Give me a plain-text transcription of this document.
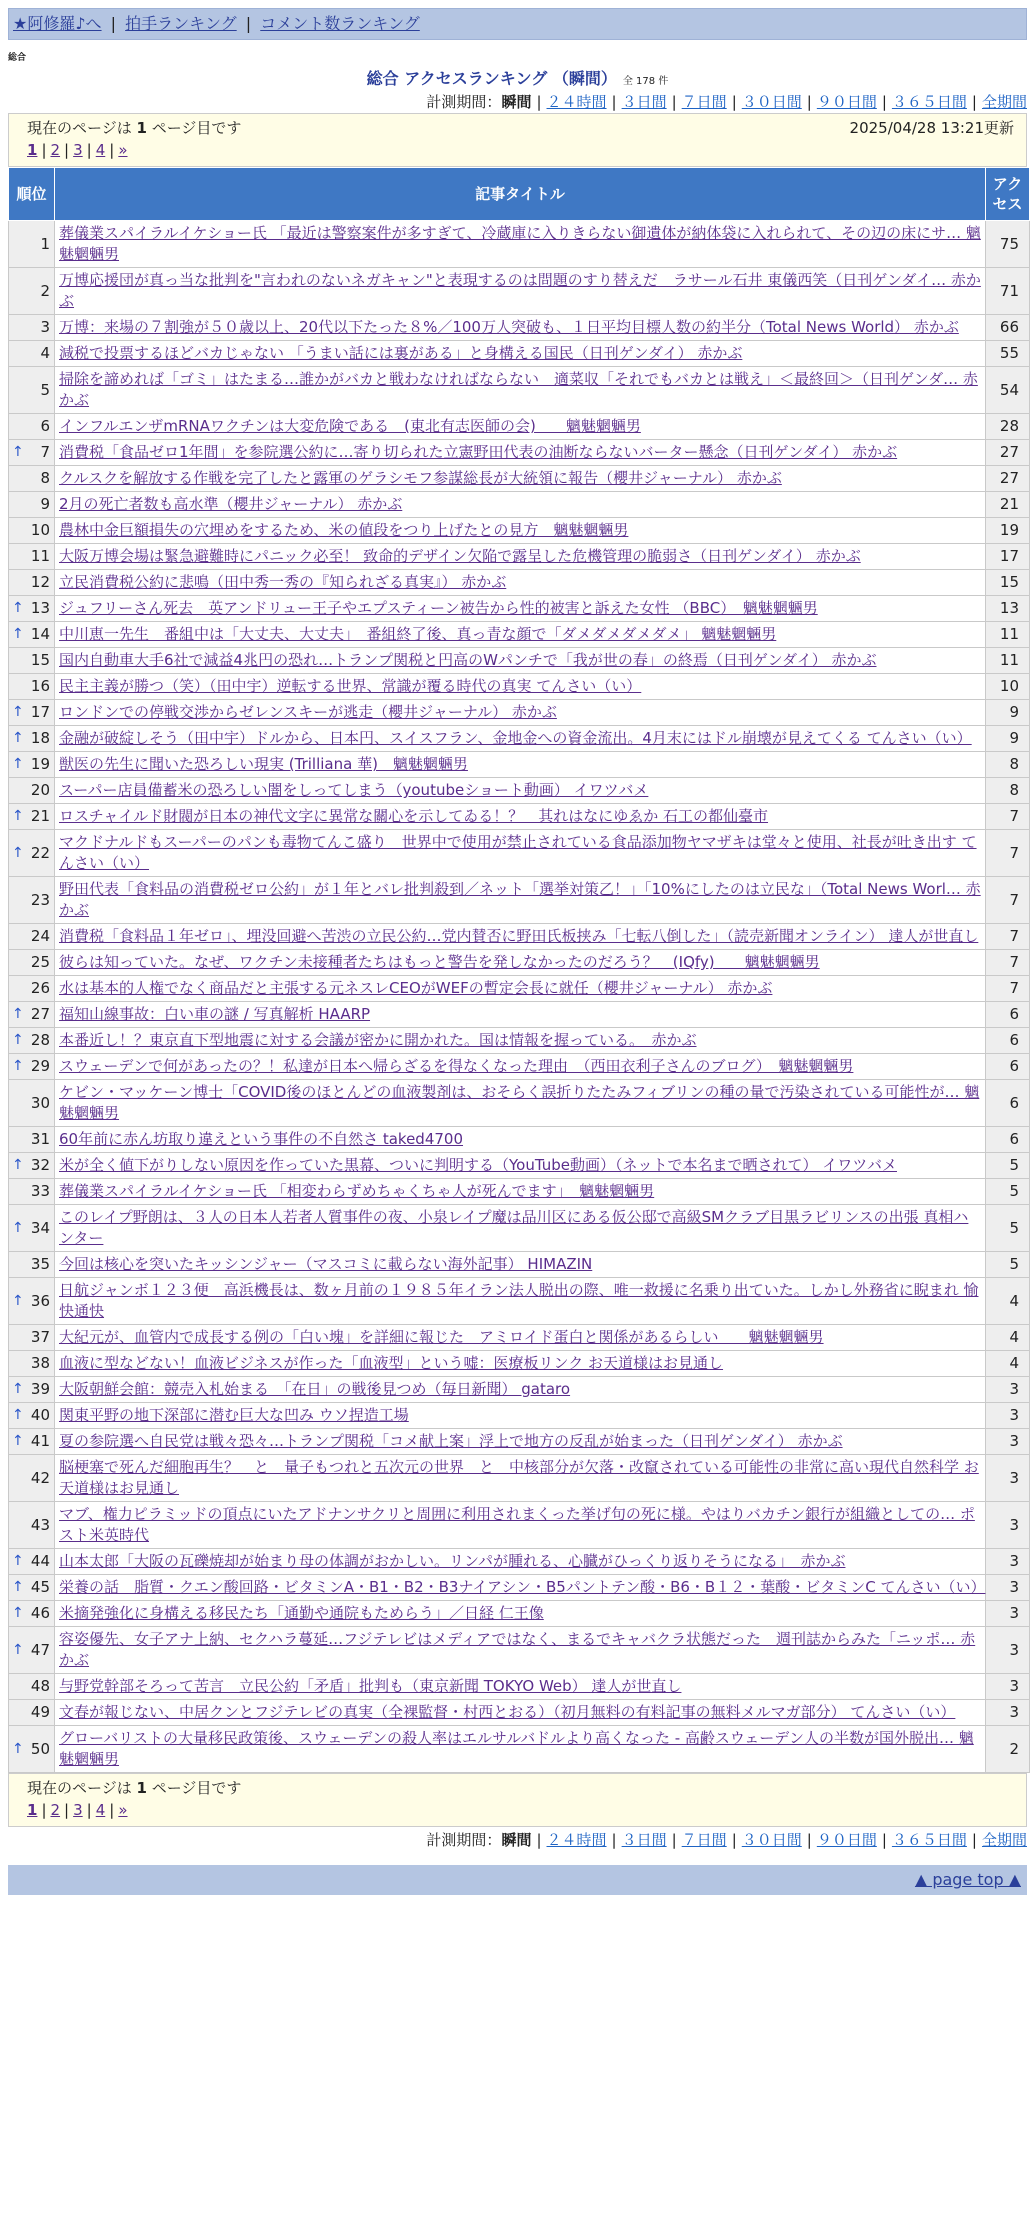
★阿修羅♪へ | 拍手ランキング | コメント数ランキング
総合
総合 アクセスランキング （瞬間） 全 178 件
計測期間：瞬間 | ２４時間 | ３日間 | ７日間 | ３０日間 | ９０日間 | ３６５日間 | 全期間
現在のページは 1 ページ目です	2025/04/28 13:21更新
1 | 2 | 3 | 4 | »
順位	記事タイトル	アクセス
1	葬儀業スパイラルイケショー氏 「最近は警察案件が多すぎて、冷蔵庫に入りきらない御遺体が納体袋に入れられて、その辺の床にサ… 魑魅魍魎男	75
2	万博応援団が真っ当な批判を"言われのないネガキャン"と表現するのは問題のすり替えだ　ラサール石井 東儀西笑（日刊ゲンダイ… 赤かぶ	71
3	万博：来場の７割強が５０歳以上、20代以下たった８%／100万人突破も、１日平均目標人数の約半分（Total News World） 赤かぶ	66
4	減税で投票するほどバカじゃない 「うまい話には裏がある」と身構える国民（日刊ゲンダイ） 赤かぶ	55
5	掃除を諦めれば「ゴミ」はたまる…誰かがバカと戦わなければならない　適菜収「それでもバカとは戦え」＜最終回＞（日刊ゲンダ… 赤かぶ	54
6	インフルエンザmRNAワクチンは大変危険である　(東北有志医師の会)　　魑魅魍魎男	28

↑ 7	消費税「食品ゼロ1年間」を参院選公約に…寄り切られた立憲野田代表の油断ならないバーター懸念（日刊ゲンダイ） 赤かぶ	27
8	クルスクを解放する作戦を完了したと露軍のゲラシモフ参謀総長が大統領に報告（櫻井ジャーナル） 赤かぶ	27
9	2月の死亡者数も高水準（櫻井ジャーナル） 赤かぶ	21
10	農林中金巨額損失の穴埋めをするため、米の値段をつり上げたとの見方　魑魅魍魎男	19
11	大阪万博会場は緊急避難時にパニック必至！ 致命的デザイン欠陥で露呈した危機管理の脆弱さ（日刊ゲンダイ） 赤かぶ	17
12	立民消費税公約に悲鳴（田中秀一秀の『知られざる真実』） 赤かぶ	15

↑ 13	ジュフリーさん死去　英アンドリュー王子やエプスティーン被告から性的被害と訴えた女性 （BBC）　魑魅魍魎男	13

↑ 14	中川恵一先生　番組中は「大丈夫、大丈夫」　番組終了後、真っ青な顔で「ダメダメダメダメ」 魑魅魍魎男	11
15	国内自動車大手6社で減益4兆円の恐れ…トランプ関税と円高のWパンチで「我が世の春」の終焉（日刊ゲンダイ） 赤かぶ	11
16	民主主義が勝つ（笑）（田中宇）逆転する世界、常識が覆る時代の真実 てんさい（い）	10

↑ 17	ロンドンでの停戦交渉からゼレンスキーが逃走（櫻井ジャーナル） 赤かぶ	9

↑ 18	金融が破綻しそう（田中宇）ドルから、日本円、スイスフラン、金地金への資金流出。4月末にはドル崩壊が見えてくる てんさい（い）	9

↑ 19	獣医の先生に聞いた恐ろしい現実 (Trilliana 華)　魑魅魍魎男	8
20	スーパー店員備蓄米の恐ろしい闇をしってしまう（youtubeショート動画） イワツバメ	8

↑ 21	ロスチャイルド財閥が日本の神代文字に異常な關心を示してゐる！？　其れはなにゆゑか 石工の都仙臺市	7

↑ 22	マクドナルドもスーパーのパンも毒物てんこ盛り　世界中で使用が禁止されている食品添加物ヤマザキは堂々と使用、社長が吐き出す てんさい（い）	7
23	野田代表「食料品の消費税ゼロ公約」が１年とバレ批判殺到／ネット「選挙対策乙！」「10%にしたのは立民な」（Total News Worl… 赤かぶ	7
24	消費税「食料品１年ゼロ」、埋没回避へ苦渋の立民公約…党内賛否に野田氏板挟み「七転八倒した」（読売新聞オンライン） 達人が世直し	7
25	彼らは知っていた。なぜ、ワクチン未接種者たちはもっと警告を発しなかったのだろう？　(IQfy)　　魑魅魍魎男	7
26	水は基本的人権でなく商品だと主張する元ネスレCEOがWEFの暫定会長に就任（櫻井ジャーナル） 赤かぶ	7

↑ 27	福知山線事故：白い車の謎 / 写真解析 HAARP	6

↑ 28	本番近し！？東京直下型地震に対する会議が密かに開かれた。国は情報を握っている。　赤かぶ	6

↑ 29	スウェーデンで何があったの？！私達が日本へ帰らざるを得なくなった理由　（西田衣利子さんのブログ）　魑魅魍魎男	6
30	ケビン・マッケーン博士「COVID後のほとんどの血液製剤は、おそらく誤折りたたみフィブリンの種の量で汚染されている可能性が… 魑魅魍魎男	6
31	60年前に赤ん坊取り違えという事件の不自然さ taked4700	6

↑ 32	米が全く値下がりしない原因を作っていた黒幕、ついに判明する（YouTube動画）（ネットで本名まで晒されて） イワツバメ	5
33	葬儀業スパイラルイケショー氏 「相変わらずめちゃくちゃ人が死んでます」　魑魅魍魎男	5

↑ 34	このレイプ野朗は、３人の日本人若者人質事件の夜、小泉レイプ魔は品川区にある仮公邸で高級SMクラブ目黒ラビリンスの出張 真相ハンター	5
35	今回は核心を突いたキッシンジャー（マスコミに載らない海外記事） HIMAZIN	5

↑ 36	日航ジャンボ１２３便　高浜機長は、数ヶ月前の１９８５年イラン法人脱出の際、唯一救援に名乗り出ていた。しかし外務省に睨まれ 愉快通快	4
37	大紀元が、血管内で成長する例の「白い塊」を詳細に報じた　アミロイド蛋白と関係があるらしい　　魑魅魍魎男	4
38	血液に型などない！血液ビジネスが作った「血液型」という嘘：医療板リンク お天道様はお見通し	4

↑ 39	大阪朝鮮会館：競売入札始まる　「在日」の戦後見つめ（毎日新聞） gataro	3

↑ 40	関東平野の地下深部に潜む巨大な凹み ウソ捏造工場	3

↑ 41	夏の参院選へ自民党は戦々恐々…トランプ関税「コメ献上案」浮上で地方の反乱が始まった（日刊ゲンダイ） 赤かぶ	3
42	脳梗塞で死んだ細胞再生？　と　量子もつれと五次元の世界　と　中核部分が欠落・改竄されている可能性の非常に高い現代自然科学 お天道様はお見通し	3
43	マブ、権力ピラミッドの頂点にいたアドナンサクリと周囲に利用されまくった挙げ句の死に様。やはりバカチン銀行が組織としての… ポスト米英時代	3

↑ 44	山本太郎「大阪の瓦礫焼却が始まり母の体調がおかしい。リンパが腫れる、心臓がひっくり返りそうになる」　赤かぶ	3

↑ 45	栄養の話　脂質・クエン酸回路・ビタミンA・B1・B2・B3ナイアシン・B5パントテン酸・B6・B１２・葉酸・ビタミンC てんさい（い）	3

↑ 46	米摘発強化に身構える移民たち「通勤や通院もためらう」／日経 仁王像	3

↑ 47	容姿優先、女子アナ上納、セクハラ蔓延…フジテレビはメディアではなく、まるでキャバクラ状態だった　週刊誌からみた「ニッポ… 赤かぶ	3
48	与野党幹部そろって苦言　立民公約「矛盾」批判も（東京新聞 TOKYO Web） 達人が世直し	3
49	文春が報じない、中居クンとフジテレビの真実（全裸監督・村西とおる）（初月無料の有料記事の無料メルマガ部分） てんさい（い）	3

↑ 50	グローバリストの大量移民政策後、スウェーデンの殺人率はエルサルバドルより高くなった - 高齢スウェーデン人の半数が国外脱出… 魑魅魍魎男	2
現在のページは 1 ページ目です
1 | 2 | 3 | 4 | »
計測期間：瞬間 | ２４時間 | ３日間 | ７日間 | ３０日間 | ９０日間 | ３６５日間 | 全期間
▲ page top ▲
